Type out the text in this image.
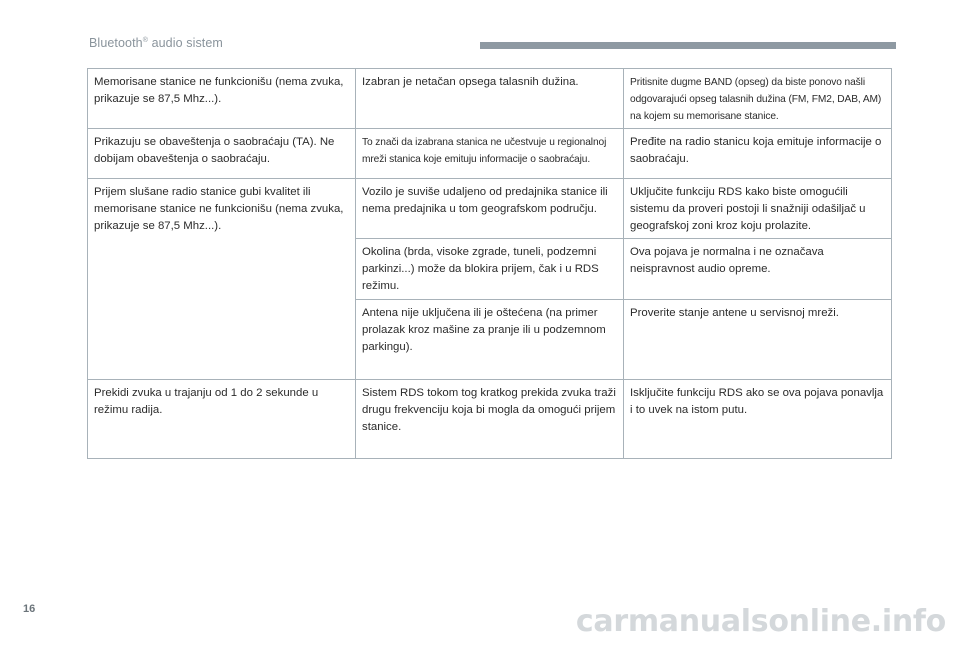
Bluetooth® audio sistem
Memorisane stanice ne funkcionišu (nema zvuka, prikazuje se 87,5 Mhz...).	Izabran je netačan opsega talasnih dužina.	Pritisnite dugme BAND (opseg) da biste ponovo našli odgovarajući opseg talasnih dužina (FM, FM2, DAB, AM) na kojem su memorisane stanice.
Prikazuju se obaveštenja o saobraćaju (TA). Ne dobijam obaveštenja o saobraćaju.	To znači da izabrana stanica ne učestvuje u regionalnoj mreži stanica koje emituju informacije o saobraćaju.	Pređite na radio stanicu koja emituje informacije o saobraćaju.
Prijem slušane radio stanice gubi kvalitet ili memorisane stanice ne funkcionišu (nema zvuka, prikazuje se 87,5 Mhz...).	Vozilo je suviše udaljeno od predajnika stanice ili nema predajnika u tom geografskom području.	Uključite funkciju RDS kako biste omogućili sistemu da proveri postoji li snažniji odašiljač u geografskoj zoni kroz koju prolazite.
	Okolina (brda, visoke zgrade, tuneli, podzemni parkinzi...) može da blokira prijem, čak i u RDS režimu.	Ova pojava je normalna i ne označava neispravnost audio opreme.
	Antena nije uključena ili je oštećena (na primer prolazak kroz mašine za pranje ili u podzemnom parkingu).	Proverite stanje antene u servisnoj mreži.
Prekidi zvuka u trajanju od 1 do 2 sekunde u režimu radija.	Sistem RDS tokom tog kratkog prekida zvuka traži drugu frekvenciju koja bi mogla da omogući prijem stanice.	Isključite funkciju RDS ako se ova pojava ponavlja i to uvek na istom putu.
16	carmanualsonline.info
